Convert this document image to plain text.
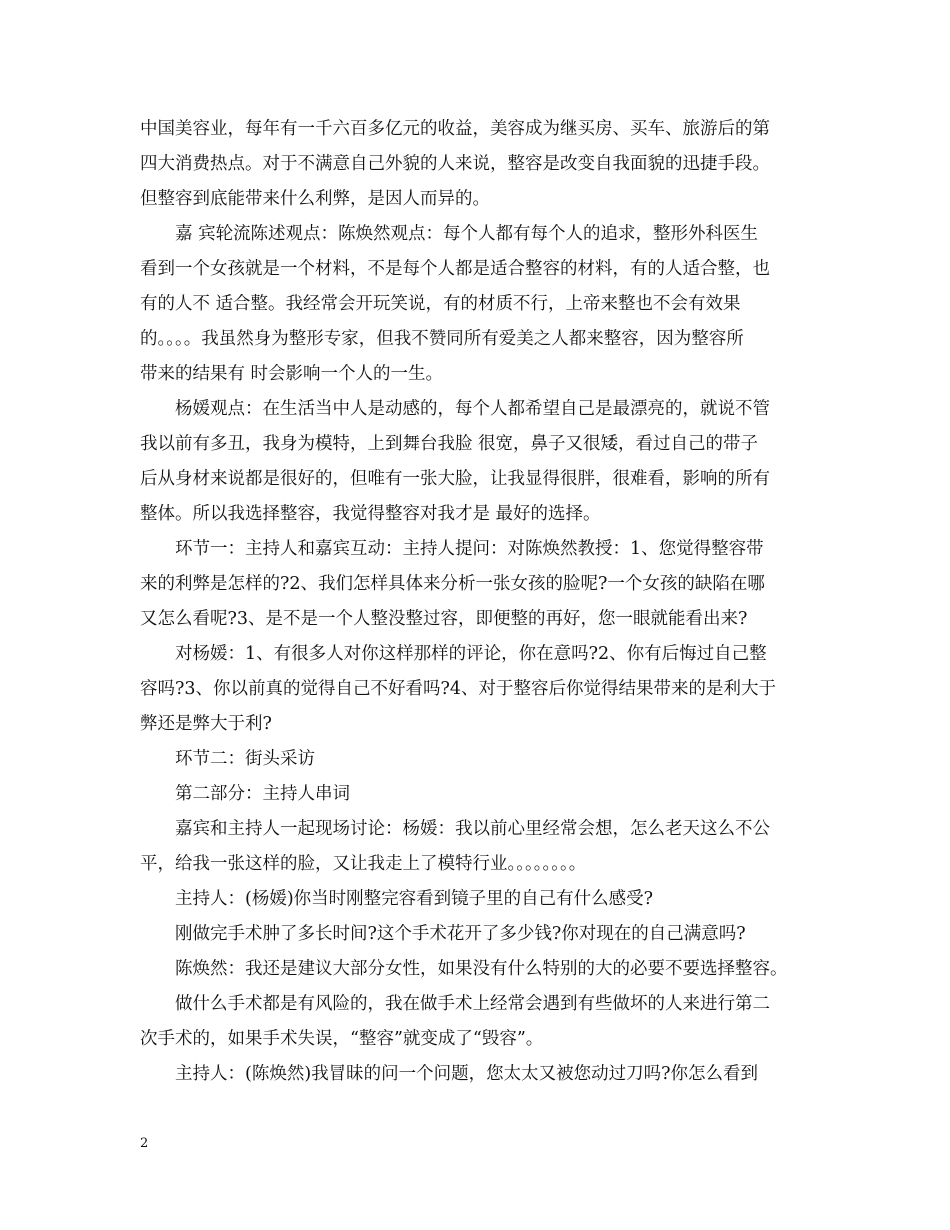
中国美容业，每年有一千六百多亿元的收益，美容成为继买房、买车、旅游后的第
四大消费热点。对于不满意自己外貌的人来说，整容是改变自我面貌的迅捷手段。
但整容到底能带来什么利弊，是因人而异的。

嘉 宾轮流陈述观点：陈焕然观点：每个人都有每个人的追求，整形外科医生
看到一个女孩就是一个材料，不是每个人都是适合整容的材料，有的人适合整，也
有的人不 适合整。我经常会开玩笑说，有的材质不行，上帝来整也不会有效果
的。。。。我虽然身为整形专家，但我不赞同所有爱美之人都来整容，因为整容所
带来的结果有 时会影响一个人的一生。

杨媛观点：在生活当中人是动感的，每个人都希望自己是最漂亮的，就说不管
我以前有多丑，我身为模特，上到舞台我脸 很宽，鼻子又很矮，看过自己的带子
后从身材来说都是很好的，但唯有一张大脸，让我显得很胖，很难看，影响的所有
整体。所以我选择整容，我觉得整容对我才是 最好的选择。

环节一：主持人和嘉宾互动：主持人提问：对陈焕然教授：1、您觉得整容带
来的利弊是怎样的?2、我们怎样具体来分析一张女孩的脸呢?一个女孩的缺陷在哪
又怎么看呢?3、是不是一个人整没整过容，即便整的再好，您一眼就能看出来?

对杨媛：1、有很多人对你这样那样的评论，你在意吗?2、你有后悔过自己整
容吗?3、你以前真的觉得自己不好看吗?4、对于整容后你觉得结果带来的是利大于
弊还是弊大于利?

环节二：街头采访

第二部分：主持人串词

嘉宾和主持人一起现场讨论：杨媛：我以前心里经常会想，怎么老天这么不公
平，给我一张这样的脸，又让我走上了模特行业。。。。。。。。

主持人：(杨媛)你当时刚整完容看到镜子里的自己有什么感受?

刚做完手术肿了多长时间?这个手术花开了多少钱?你对现在的自己满意吗?

陈焕然：我还是建议大部分女性，如果没有什么特别的大的必要不要选择整容。

做什么手术都是有风险的，我在做手术上经常会遇到有些做坏的人来进行第二
次手术的，如果手术失误，“整容”就变成了“毁容”。

主持人：(陈焕然)我冒昧的问一个问题，您太太又被您动过刀吗?你怎么看到

2
